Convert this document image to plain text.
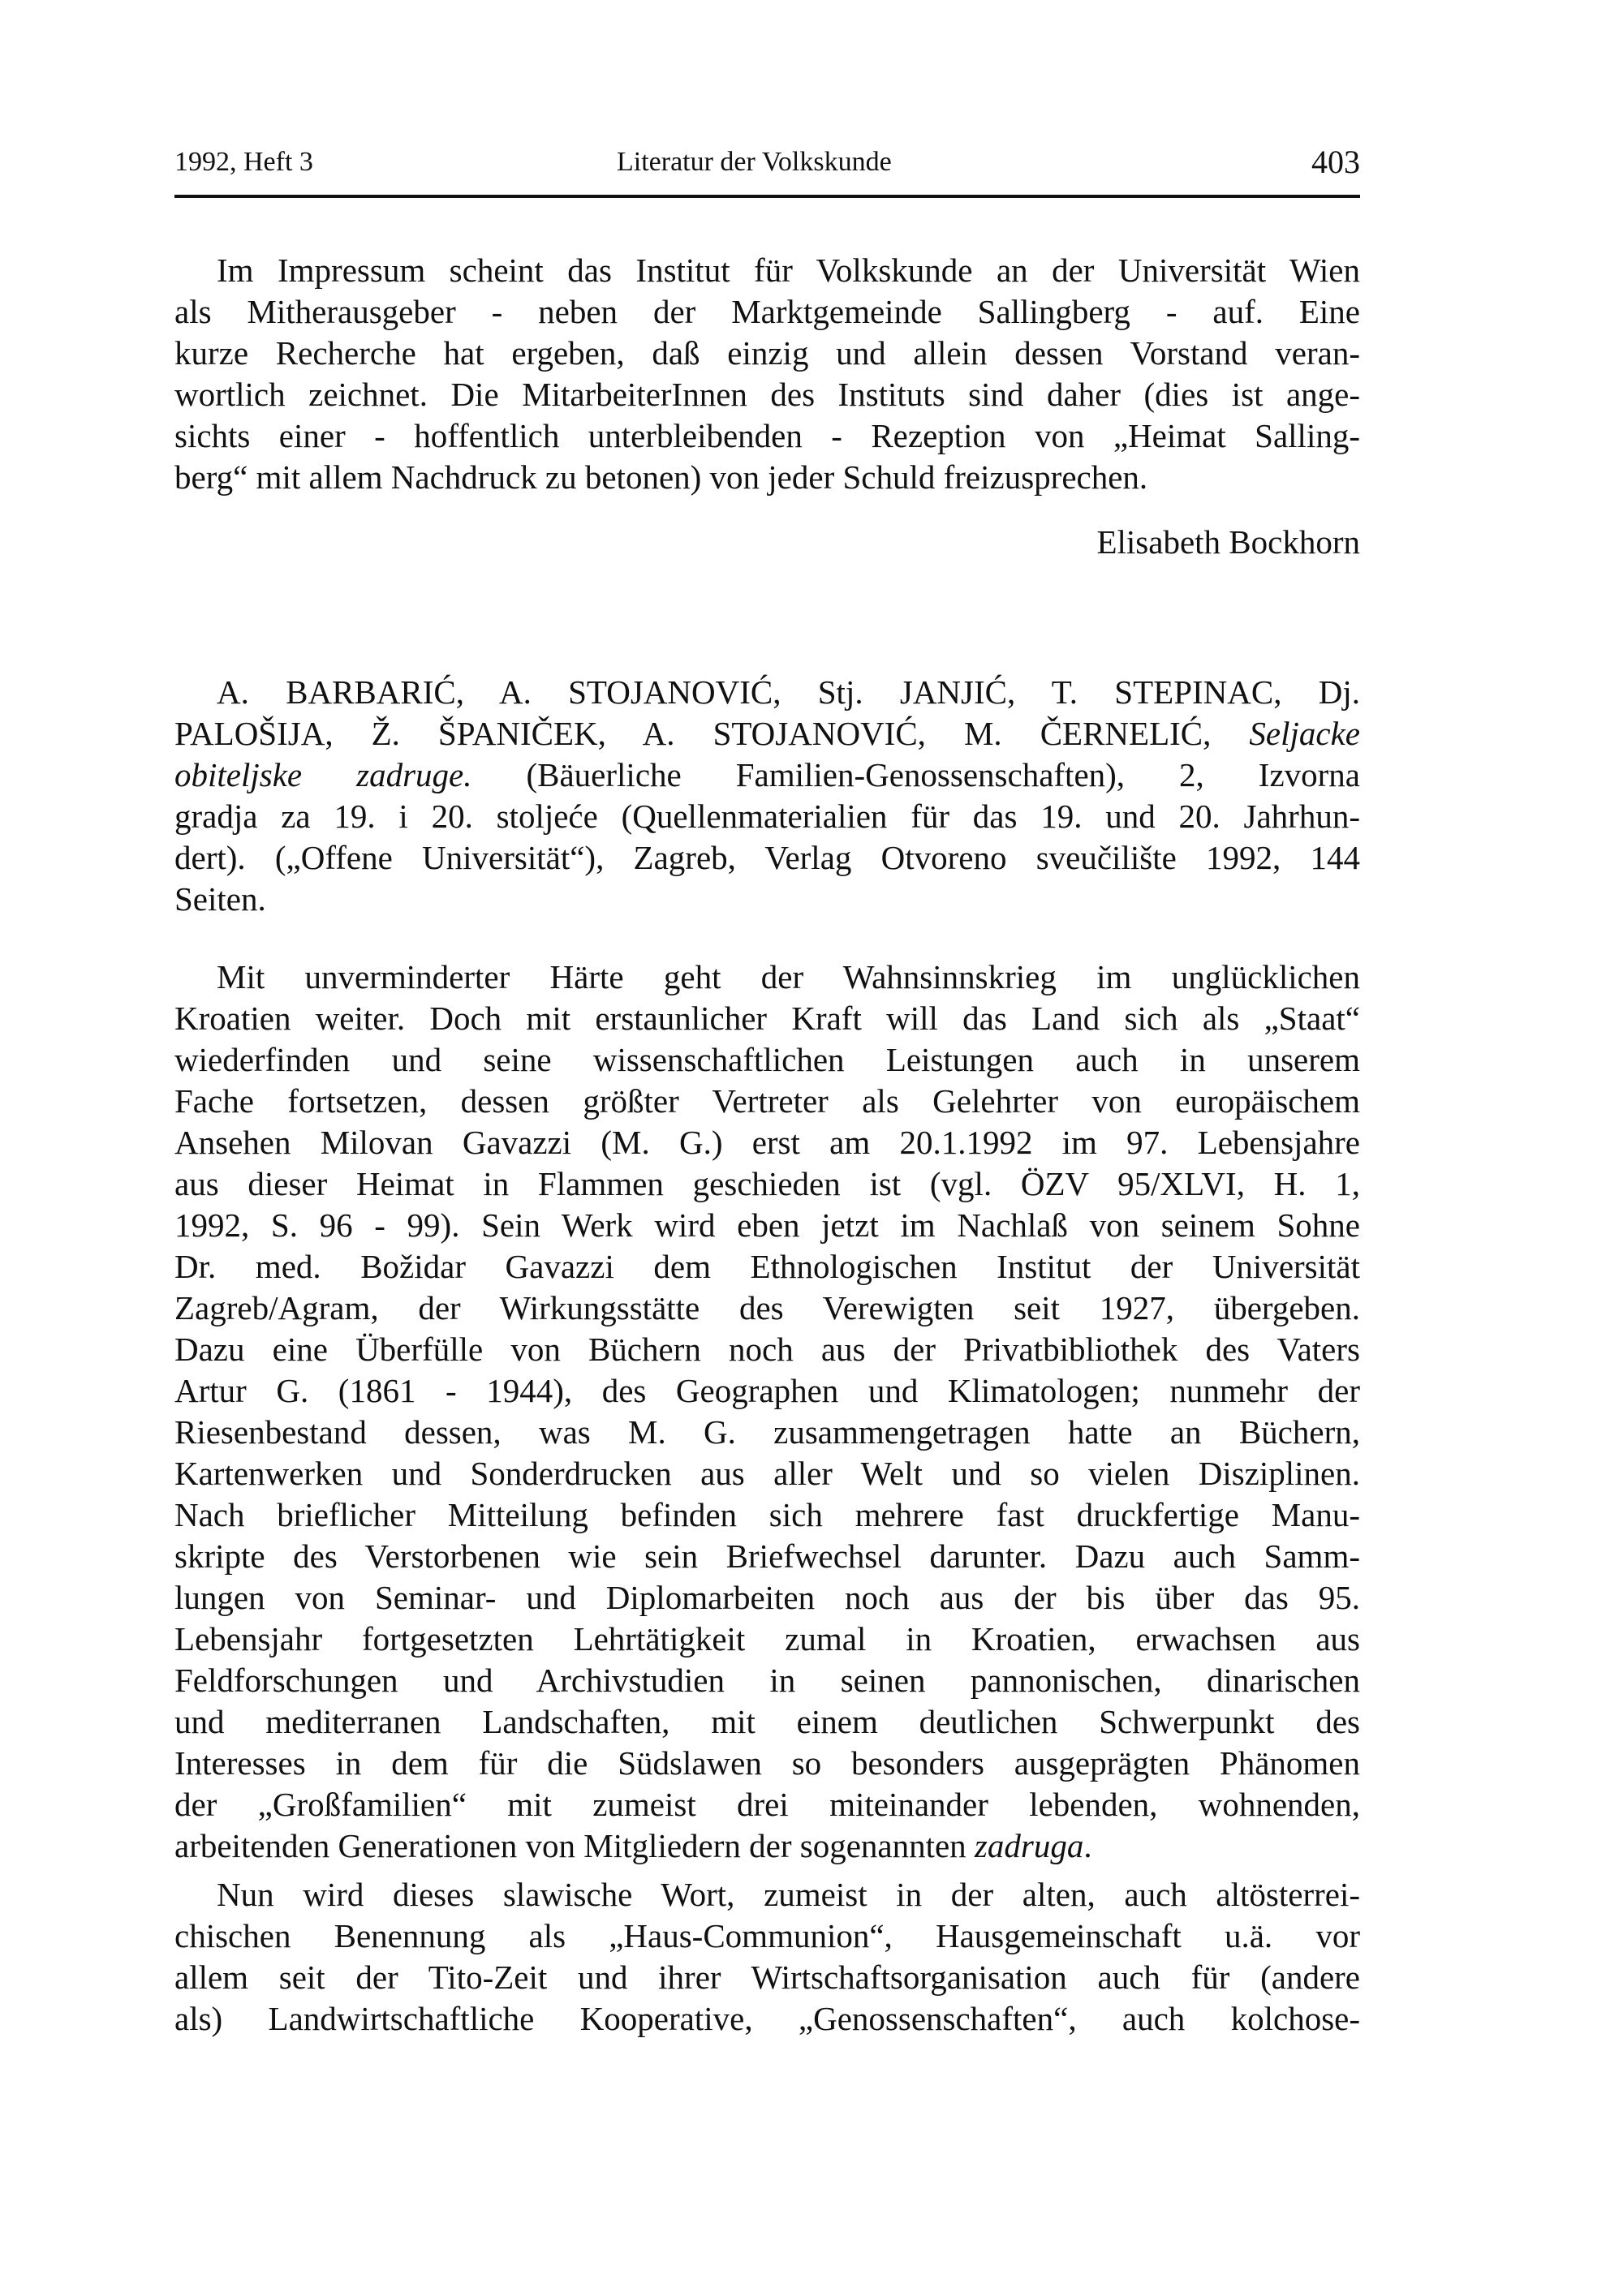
1992, Heft 3	Literatur der Volkskunde	403
Im Impressum scheint das Institut für Volkskunde an der Universität Wien
als Mitherausgeber - neben der Marktgemeinde Sallingberg - auf. Eine
kurze Recherche hat ergeben, daß einzig und allein dessen Vorstand veran-
wortlich zeichnet. Die MitarbeiterInnen des Instituts sind daher (dies ist ange-
sichts einer - hoffentlich unterbleibenden - Rezeption von „Heimat Salling-
berg“ mit allem Nachdruck zu betonen) von jeder Schuld freizusprechen.
Elisabeth Bockhorn
A. BARBARIĆ, A. STOJANOVIĆ, Stj. JANJIĆ, T. STEPINAC, Dj.
PALOŠIJA, Ž. ŠPANIČEK, A. STOJANOVIĆ, M. ČERNELIĆ, Seljacke
obiteljske zadruge. (Bäuerliche Familien-Genossenschaften), 2, Izvorna
gradja za 19. i 20. stoljeće (Quellenmaterialien für das 19. und 20. Jahrhun-
dert). („Offene Universität“), Zagreb, Verlag Otvoreno sveučilište 1992, 144
Seiten.
Mit unverminderter Härte geht der Wahnsinnskrieg im unglücklichen
Kroatien weiter. Doch mit erstaunlicher Kraft will das Land sich als „Staat“
wiederfinden und seine wissenschaftlichen Leistungen auch in unserem
Fache fortsetzen, dessen größter Vertreter als Gelehrter von europäischem
Ansehen Milovan Gavazzi (M. G.) erst am 20.1.1992 im 97. Lebensjahre
aus dieser Heimat in Flammen geschieden ist (vgl. ÖZV 95/XLVI, H. 1,
1992, S. 96 - 99). Sein Werk wird eben jetzt im Nachlaß von seinem Sohne
Dr. med. Božidar Gavazzi dem Ethnologischen Institut der Universität
Zagreb/Agram, der Wirkungsstätte des Verewigten seit 1927, übergeben.
Dazu eine Überfülle von Büchern noch aus der Privatbibliothek des Vaters
Artur G. (1861 - 1944), des Geographen und Klimatologen; nunmehr der
Riesenbestand dessen, was M. G. zusammengetragen hatte an Büchern,
Kartenwerken und Sonderdrucken aus aller Welt und so vielen Disziplinen.
Nach brieflicher Mitteilung befinden sich mehrere fast druckfertige Manu-
skripte des Verstorbenen wie sein Briefwechsel darunter. Dazu auch Samm-
lungen von Seminar- und Diplomarbeiten noch aus der bis über das 95.
Lebensjahr fortgesetzten Lehrtätigkeit zumal in Kroatien, erwachsen aus
Feldforschungen und Archivstudien in seinen pannonischen, dinarischen
und mediterranen Landschaften, mit einem deutlichen Schwerpunkt des
Interesses in dem für die Südslawen so besonders ausgeprägten Phänomen
der „Großfamilien“ mit zumeist drei miteinander lebenden, wohnenden,
arbeitenden Generationen von Mitgliedern der sogenannten zadruga.
Nun wird dieses slawische Wort, zumeist in der alten, auch altösterrei-
chischen Benennung als „Haus-Communion“, Hausgemeinschaft u.ä. vor
allem seit der Tito-Zeit und ihrer Wirtschaftsorganisation auch für (andere
als) Landwirtschaftliche Kooperative, „Genossenschaften“, auch kolchose-
